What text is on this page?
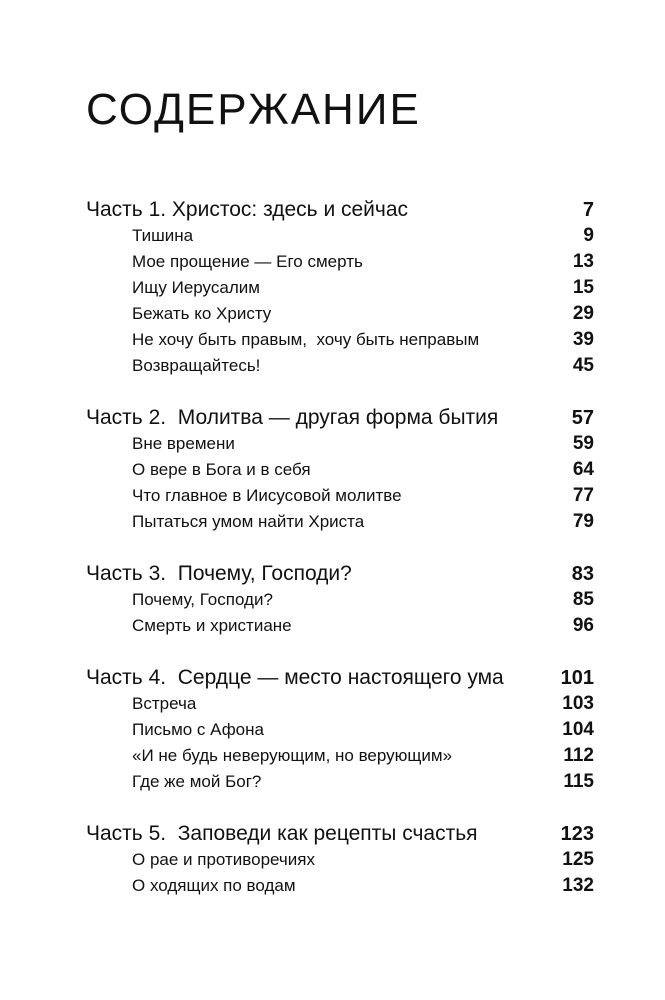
СОДЕРЖАНИЕ
Часть 1. Христос: здесь и сейчас	7
Тишина	9
Мое прощение — Его смерть	13
Ищу Иерусалим	15
Бежать ко Христу	29
Не хочу быть правым,  хочу быть неправым	39
Возвращайтесь!	45
Часть 2.  Молитва — другая форма бытия	57
Вне времени	59
О вере в Бога и в себя	64
Что главное в Иисусовой молитве	77
Пытаться умом найти Христа	79
Часть 3.  Почему, Господи?	83
Почему, Господи?	85
Смерть и христиане	96
Часть 4.  Сердце — место настоящего ума	101
Встреча	103
Письмо с Афона	104
«И не будь неверующим, но верующим»	112
Где же мой Бог?	115
Часть 5.  Заповеди как рецепты счастья	123
О рае и противоречиях	125
О ходящих по водам	132
